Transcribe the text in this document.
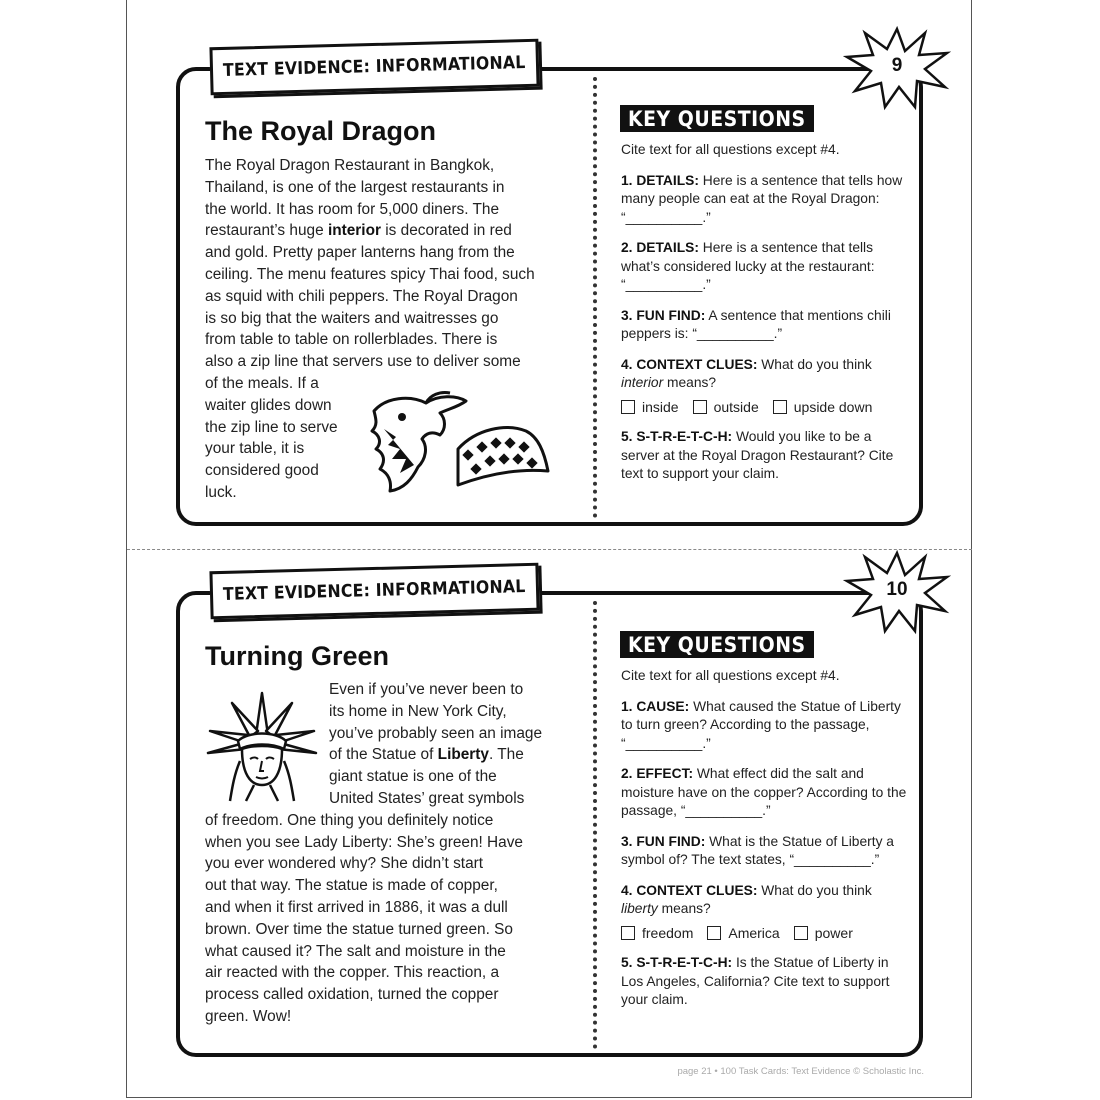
TEXT EVIDENCE: INFORMATIONAL	9
The Royal Dragon
The Royal Dragon Restaurant in Bangkok,
Thailand, is one of the largest restaurants in
the world. It has room for 5,000 diners. The
restaurant’s huge interior is decorated in red
and gold. Pretty paper lanterns hang from the
ceiling. The menu features spicy Thai food, such
as squid with chili peppers. The Royal Dragon
is so big that the waiters and waitresses go
from table to table on rollerblades. There is
also a zip line that servers use to deliver some
of the meals. If a
waiter glides down
the zip line to serve
your table, it is
considered good
luck.
KEY QUESTIONS

Cite text for all questions except #4.

1. DETAILS: Here is a sentence that tells how many people can eat at the Royal Dragon: “__________.”

2. DETAILS: Here is a sentence that tells what’s considered lucky at the restaurant: “__________.”

3. FUN FIND: A sentence that mentions chili peppers is: “__________.”

4. CONTEXT CLUES: What do you think interior means?

inside	outside	upside down

5. S-T-R-E-T-C-H: Would you like to be a server at the Royal Dragon Restaurant? Cite text to support your claim.

TEXT EVIDENCE: INFORMATIONAL	10
Turning Green
Even if you’ve never been to
its home in New York City,
you’ve probably seen an image
of the Statue of Liberty. The
giant statue is one of the
United States’ great symbols
of freedom. One thing you definitely notice
when you see Lady Liberty: She’s green! Have
you ever wondered why? She didn’t start
out that way. The statue is made of copper,
and when it first arrived in 1886, it was a dull
brown. Over time the statue turned green. So
what caused it? The salt and moisture in the
air reacted with the copper. This reaction, a
process called oxidation, turned the copper
green. Wow!
KEY QUESTIONS

Cite text for all questions except #4.

1. CAUSE: What caused the Statue of Liberty to turn green? According to the passage, “__________.”

2. EFFECT: What effect did the salt and moisture have on the copper? According to the passage, “__________.”

3. FUN FIND: What is the Statue of Liberty a symbol of? The text states, “__________.”

4. CONTEXT CLUES: What do you think liberty means?

freedom	America	power

5. S-T-R-E-T-C-H: Is the Statue of Liberty in Los Angeles, California? Cite text to support your claim.

page 21 • 100 Task Cards: Text Evidence © Scholastic Inc.
